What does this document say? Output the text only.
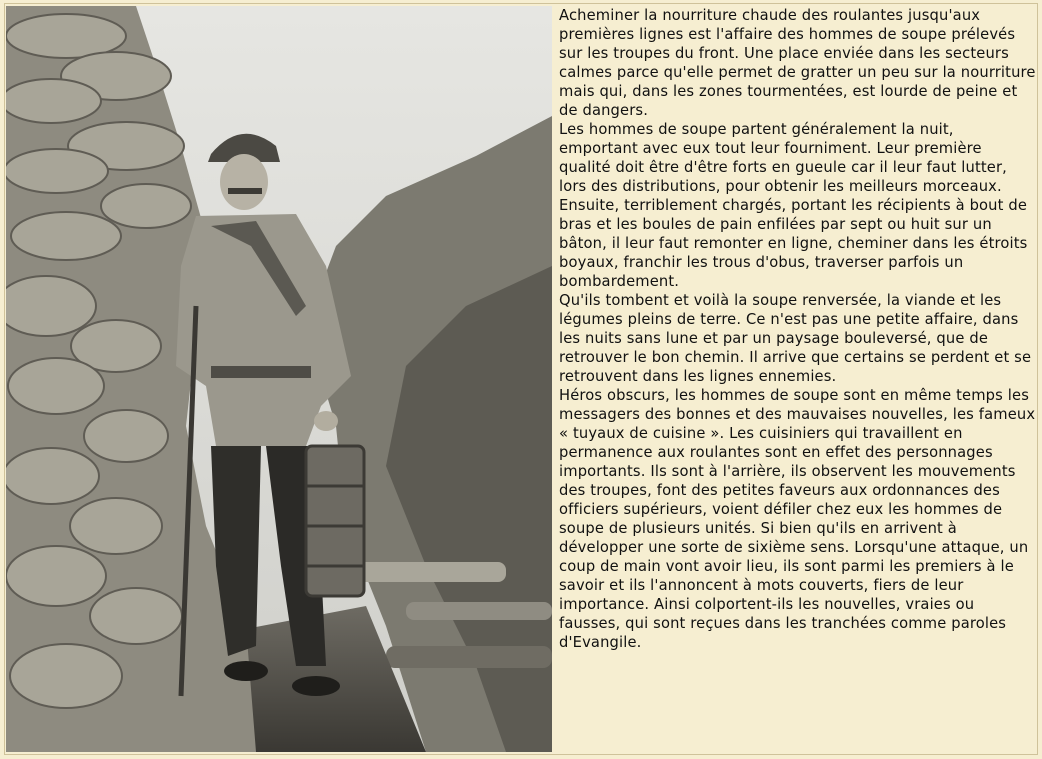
Acheminer la nourriture chaude des roulantes jusqu'aux premières lignes est l'affaire des hommes de soupe prélevés sur les troupes du front. Une place enviée dans les secteurs calmes parce qu'elle permet de gratter un peu sur la nourriture mais qui, dans les zones tourmentées, est lourde de peine et de dangers.

Les hommes de soupe partent généralement la nuit, emportant avec eux tout leur fourniment. Leur première qualité doit être d'être forts en gueule car il leur faut lutter, lors des distributions, pour obtenir les meilleurs morceaux. Ensuite, terriblement chargés, portant les récipients à bout de bras et les boules de pain enfilées par sept ou huit sur un bâton, il leur faut remonter en ligne, cheminer dans les étroits boyaux, franchir les trous d'obus, traverser parfois un bombardement.

Qu'ils tombent et voilà la soupe renversée, la viande et les légumes pleins de terre. Ce n'est pas une petite affaire, dans les nuits sans lune et par un paysage bouleversé, que de retrouver le bon chemin. Il arrive que certains se perdent et se retrouvent dans les lignes ennemies.

Héros obscurs, les hommes de soupe sont en même temps les messagers des bonnes et des mauvaises nouvelles, les fameux « tuyaux de cuisine ». Les cuisiniers qui travaillent en permanence aux roulantes sont en effet des personnages importants. Ils sont à l'arrière, ils observent les mouvements des troupes, font des petites faveurs aux ordonnances des officiers supérieurs, voient défiler chez eux les hommes de soupe de plusieurs unités. Si bien qu'ils en arrivent à développer une sorte de sixième sens. Lorsqu'une attaque, un coup de main vont avoir lieu, ils sont parmi les premiers à le savoir et ils l'annoncent à mots couverts, fiers de leur importance. Ainsi colportent-ils les nouvelles, vraies ou fausses, qui sont reçues dans les tranchées comme paroles d'Evangile.
